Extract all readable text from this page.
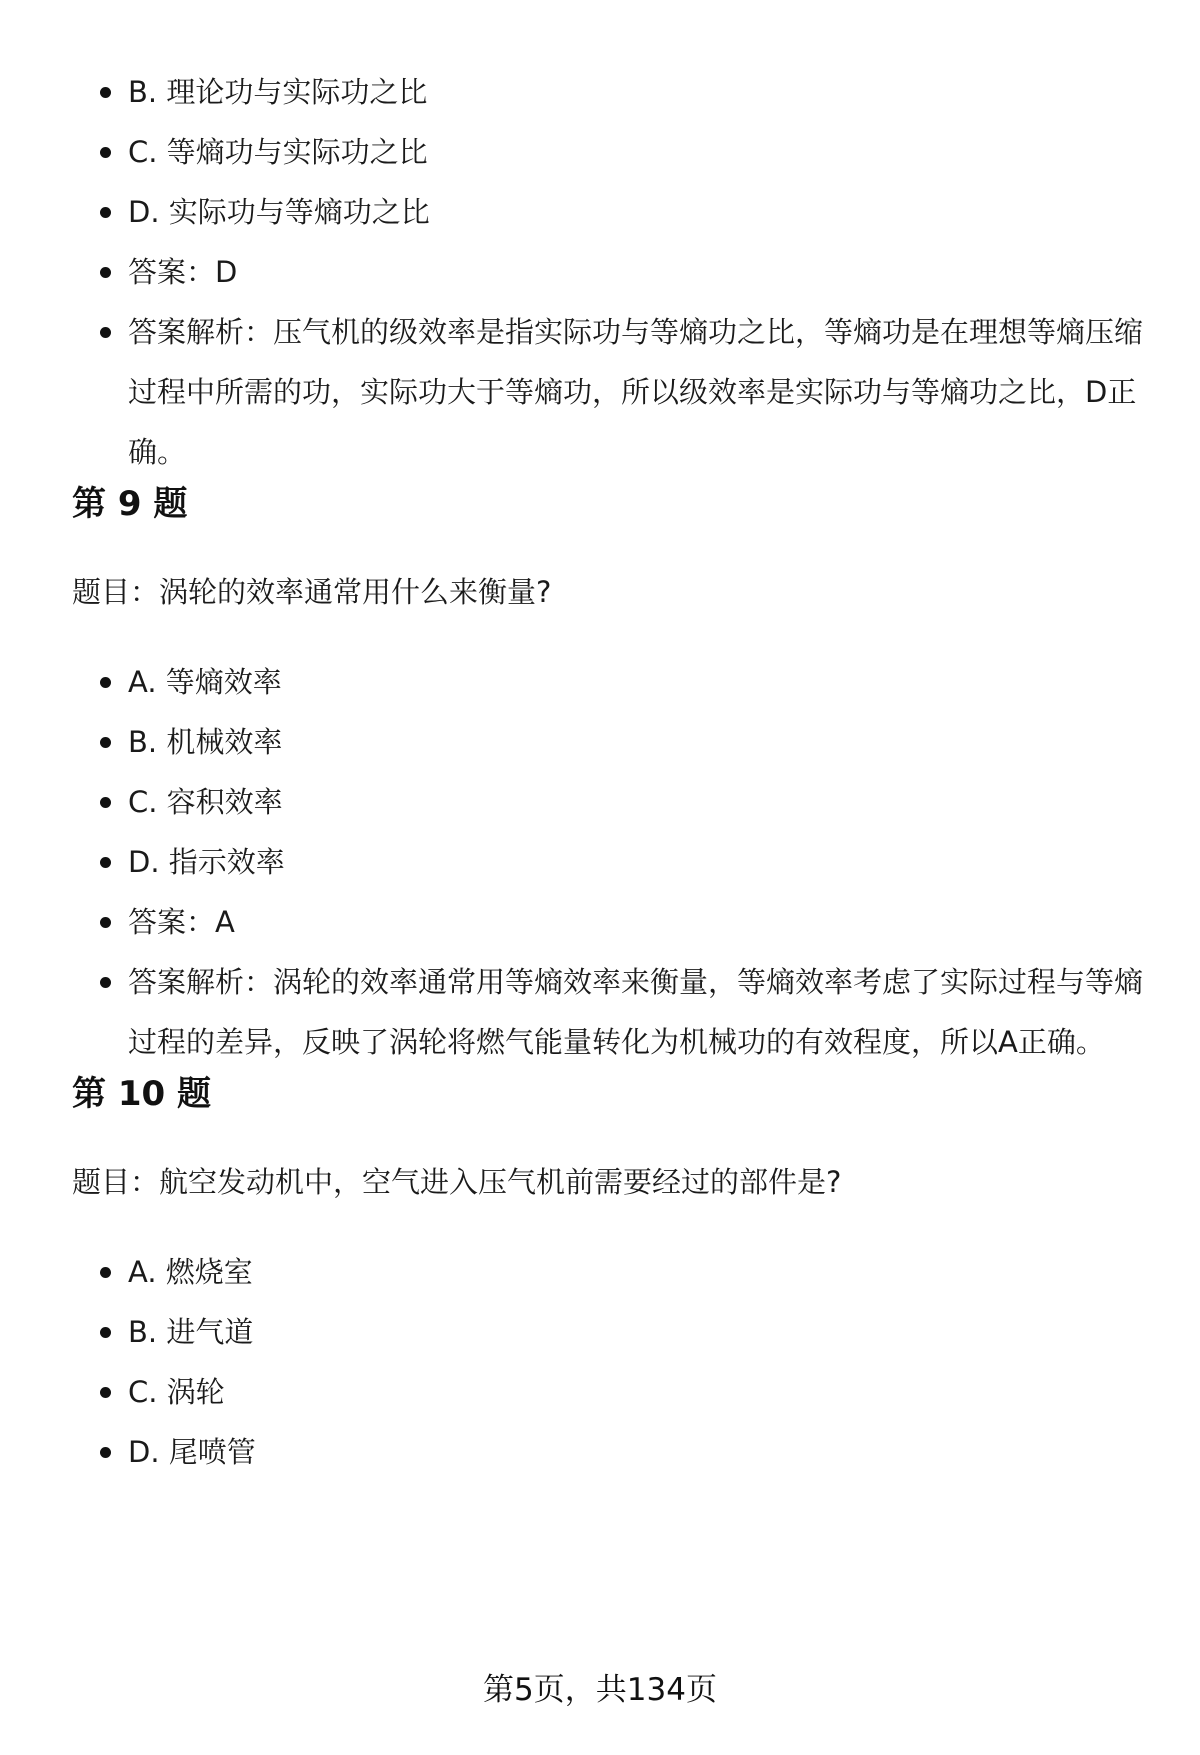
B. 理论功与实际功之比
C. 等熵功与实际功之比
D. 实际功与等熵功之比
答案：D
答案解析：压气机的级效率是指实际功与等熵功之比，等熵功是在理想等熵压缩过程中所需的功，实际功大于等熵功，所以级效率是实际功与等熵功之比，D正确。
第 9 题

题目：涡轮的效率通常用什么来衡量?

A. 等熵效率
B. 机械效率
C. 容积效率
D. 指示效率
答案：A
答案解析：涡轮的效率通常用等熵效率来衡量，等熵效率考虑了实际过程与等熵过程的差异，反映了涡轮将燃气能量转化为机械功的有效程度，所以A正确。
第 10 题

题目：航空发动机中，空气进入压气机前需要经过的部件是?

A. 燃烧室
B. 进气道
C. 涡轮
D. 尾喷管
第5页，共134页
